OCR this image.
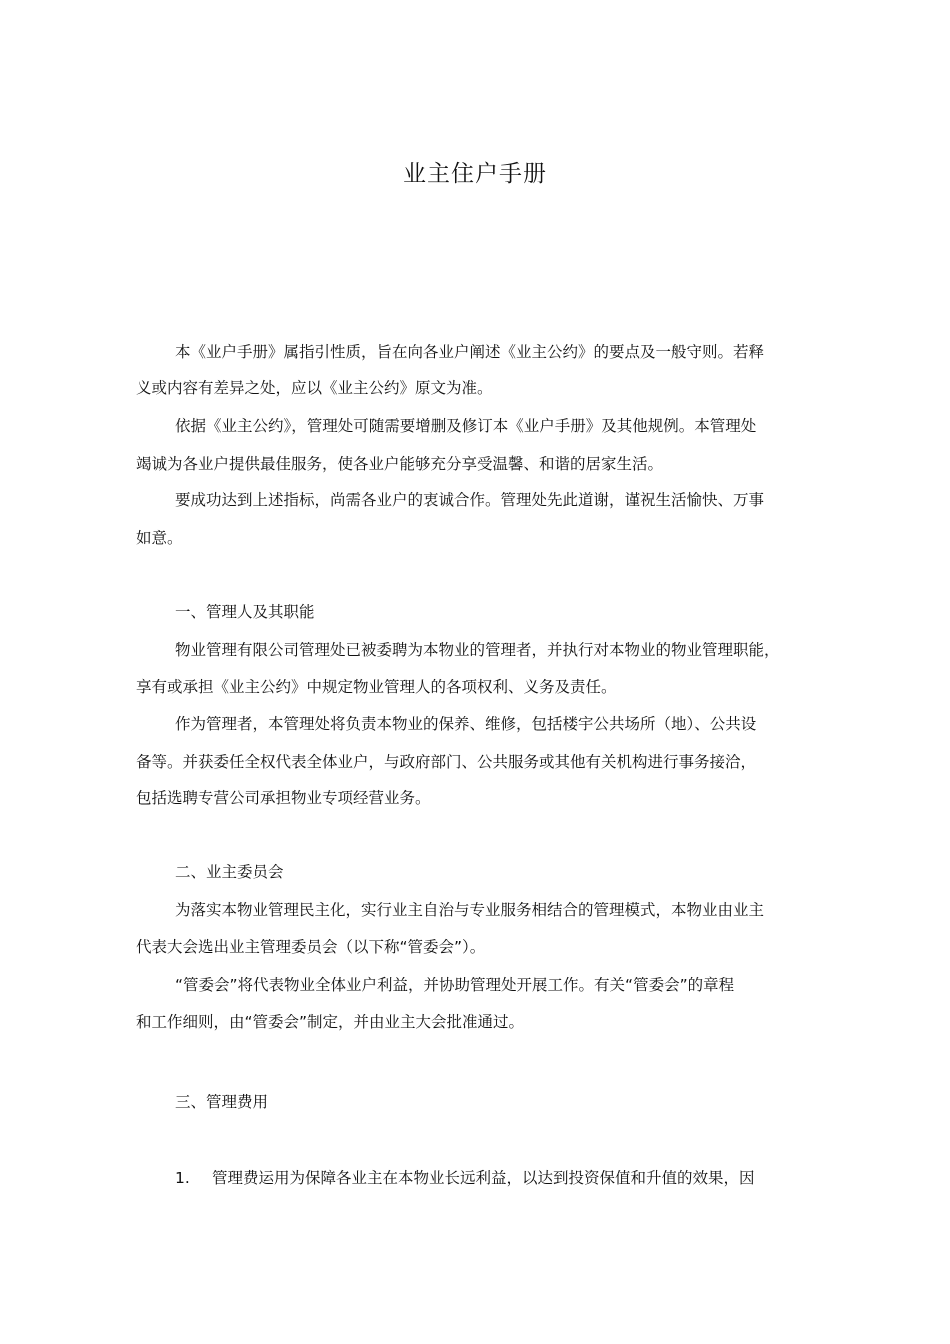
业主住户手册
本《业户手册》属指引性质，旨在向各业户阐述《业主公约》的要点及一般守则。若释
义或内容有差异之处，应以《业主公约》原文为准。
依据《业主公约》，管理处可随需要增删及修订本《业户手册》及其他规例。本管理处
竭诚为各业户提供最佳服务，使各业户能够充分享受温馨、和谐的居家生活。
要成功达到上述指标，尚需各业户的衷诚合作。管理处先此道谢，谨祝生活愉快、万事
如意。
一、管理人及其职能
物业管理有限公司管理处已被委聘为本物业的管理者，并执行对本物业的物业管理职能，
享有或承担《业主公约》中规定物业管理人的各项权利、义务及责任。
作为管理者，本管理处将负责本物业的保养、维修，包括楼宇公共场所（地）、公共设
备等。并获委任全权代表全体业户，与政府部门、公共服务或其他有关机构进行事务接洽，
包括选聘专营公司承担物业专项经营业务。
二、业主委员会
为落实本物业管理民主化，实行业主自治与专业服务相结合的管理模式，本物业由业主
代表大会选出业主管理委员会（以下称“管委会”）。
“管委会”将代表物业全体业户利益，并协助管理处开展工作。有关“管委会”的章程
和工作细则，由“管委会”制定，并由业主大会批准通过。
三、管理费用
1. 管理费运用为保障各业主在本物业长远利益，以达到投资保值和升值的效果，因
